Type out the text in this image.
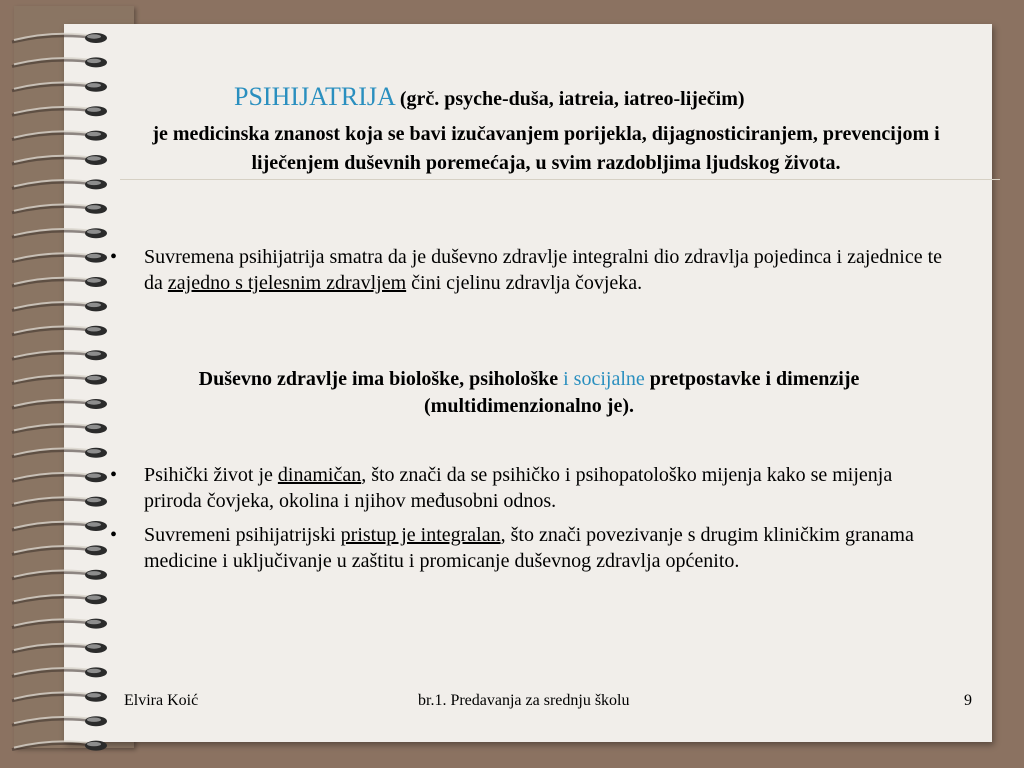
PSIHIJATRIJA (grč. psyche-duša, iatreia, iatreo-liječim)
je medicinska znanost koja se bavi izučavanjem porijekla, dijagnosticiranjem, prevencijom i liječenjem duševnih poremećaja, u svim razdobljima ljudskog života.
• Suvremena psihijatrija smatra da je duševno zdravlje integralni dio zdravlja pojedinca i zajednice te da zajedno s tjelesnim zdravljem čini cjelinu zdravlja čovjeka.
Duševno zdravlje ima biološke, psihološke i socijalne pretpostavke i dimenzije (multidimenzionalno je).
• Psihički život je dinamičan, što znači da se psihičko i psihopatološko mijenja kako se mijenja priroda čovjeka, okolina i njihov međusobni odnos.
• Suvremeni psihijatrijski pristup je integralan, što znači povezivanje s drugim kliničkim granama medicine i uključivanje u zaštitu i promicanje duševnog zdravlja općenito.
Elvira Koić	br.1. Predavanja za srednju školu	9
